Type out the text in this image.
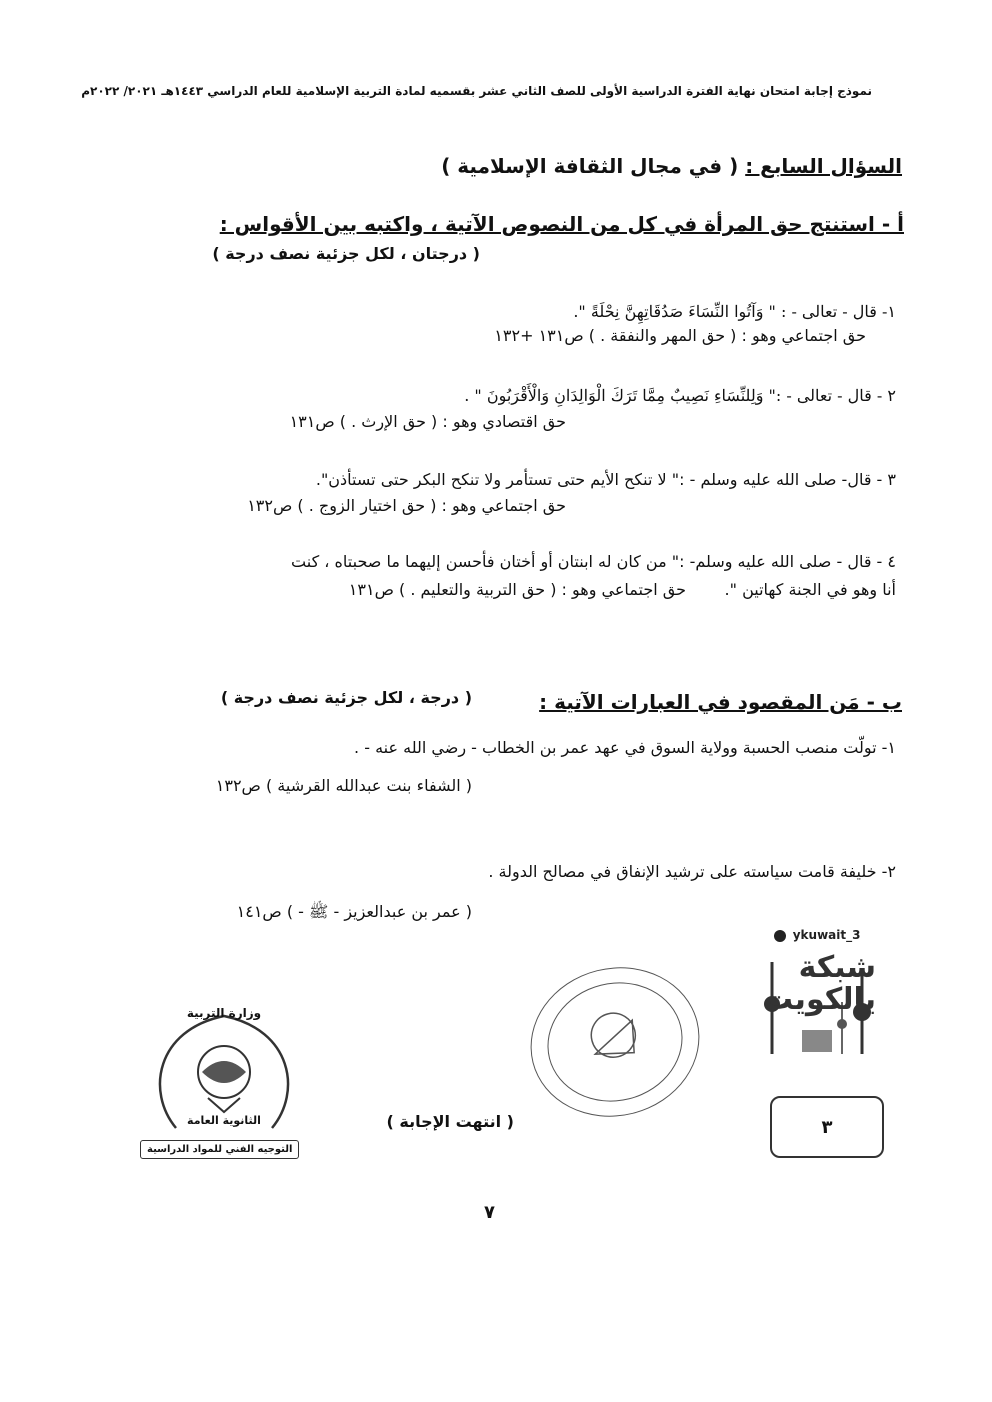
نموذج إجابة امتحان نهاية الفترة الدراسية الأولى للصف الثاني عشر بقسميه لمادة التربية الإسلامية للعام الدراسي ١٤٤٣هـ ٢٠٢١/ ٢٠٢٢م
السؤال السابع : ( في مجال الثقافة الإسلامية )
أ - استنتج حق المرأة في كل من النصوص الآتية ، واكتبه بين الأقواس :
( درجتان ، لكل جزئية نصف درجة )
١- قال - تعالى - : " وَآتُوا النِّسَاءَ صَدُقَاتِهِنَّ نِحْلَةً ".
حق اجتماعي وهو : ( حق المهر والنفقة . ) ص١٣١ +١٣٢
٢ - قال - تعالى - :" وَلِلنِّسَاءِ نَصِيبٌ مِمَّا تَرَكَ الْوَالِدَانِ وَالْأَقْرَبُونَ " .
حق اقتصادي وهو : ( حق الإرث . ) ص١٣١
٣ - قال- صلى الله عليه وسلم - :" لا تنكح الأيم حتى تستأمر ولا تنكح البكر حتى تستأذن".
حق اجتماعي وهو : ( حق اختيار الزوج . ) ص١٣٢
٤ - قال - صلى الله عليه وسلم- :" من كان له ابنتان أو أختان فأحسن إليهما ما صحبتاه ، كنت
أنا وهو في الجنة كهاتين ".
حق اجتماعي وهو : ( حق التربية والتعليم . ) ص١٣١
ب - مَن المقصود في العبارات الآتية :
( درجة ، لكل جزئية نصف درجة )
١- تولّت منصب الحسبة وولاية السوق في عهد عمر بن الخطاب - رضي الله عنه - .
( الشفاء بنت عبدالله القرشية ) ص١٣٢
٢- خليفة قامت سياسته على ترشيد الإنفاق في مصالح الدولة .
( عمر بن عبدالعزيز - ﷺ - ) ص١٤١
ykuwait_3
شبكة يالكويت
٣
وزارة التربية
الثانوية العامة
التوجيه الفني للمواد الدراسية
( انتهت الإجابة )
٧
